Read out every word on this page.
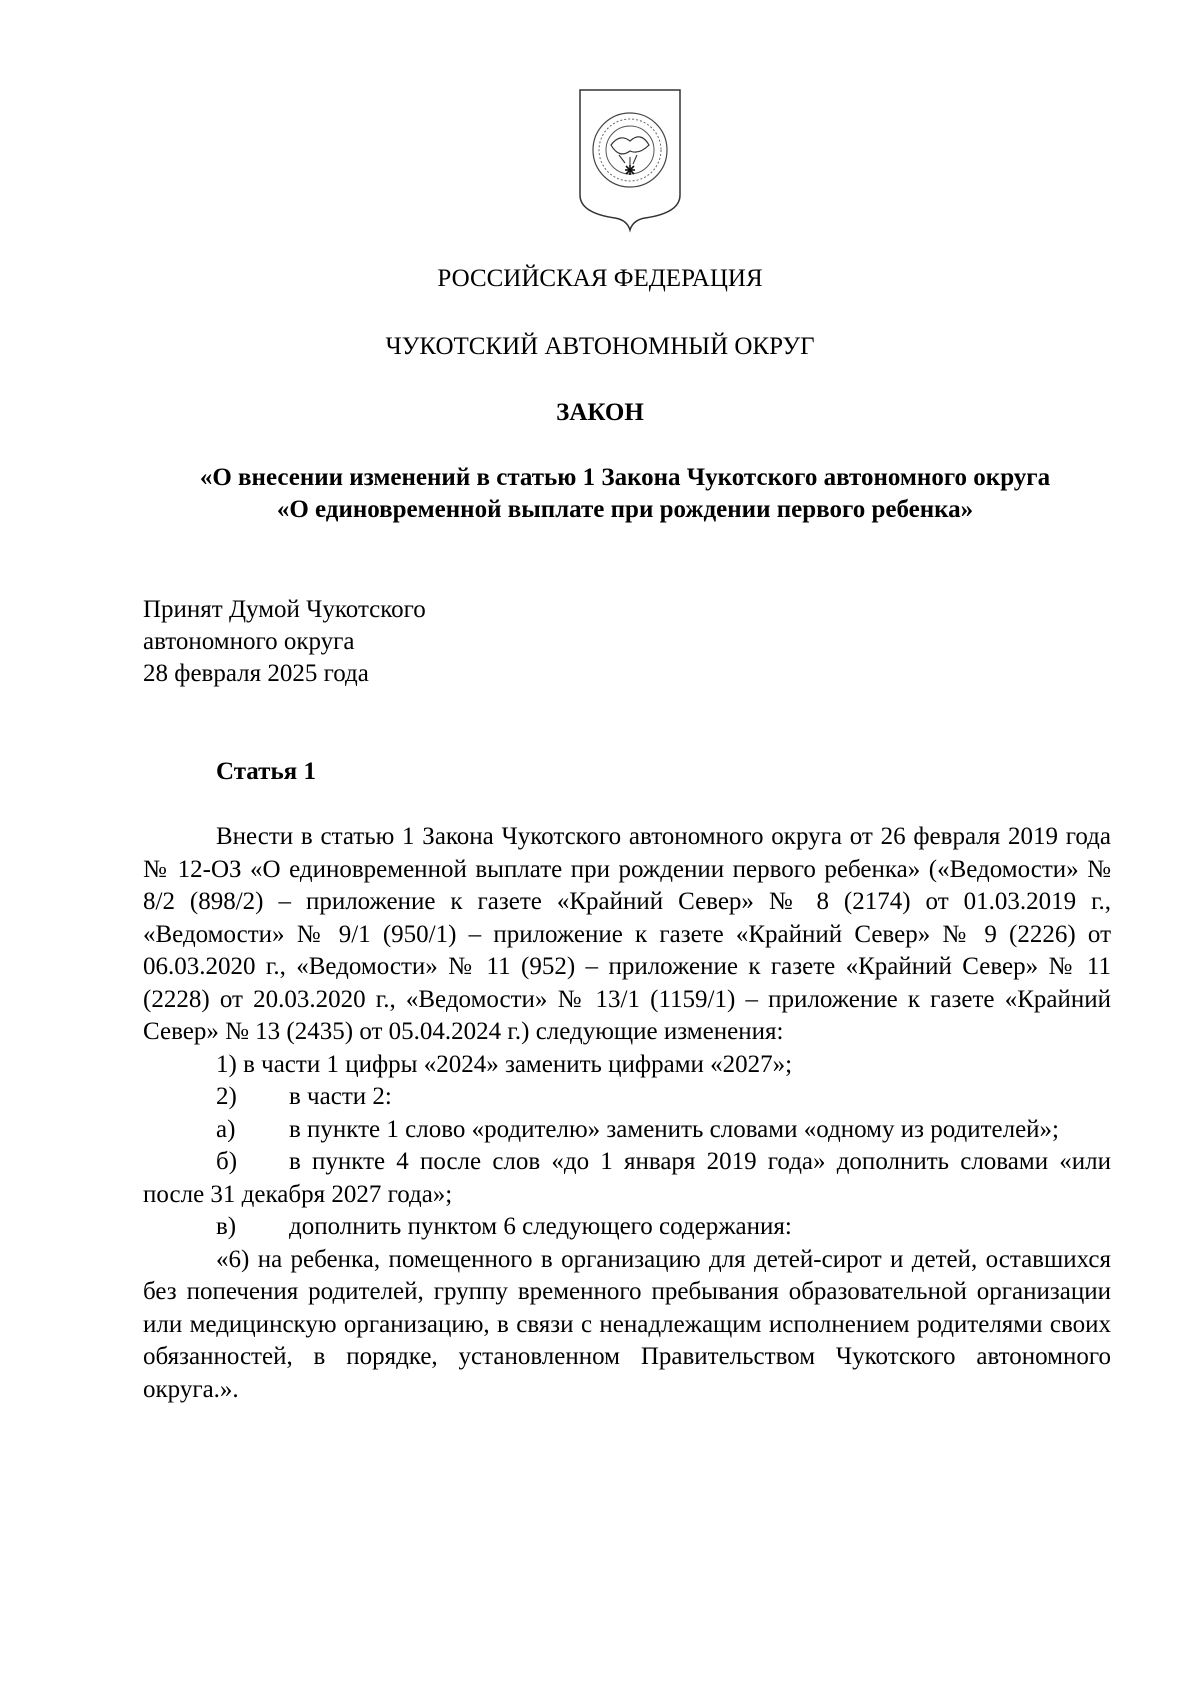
РОССИЙСКАЯ ФЕДЕРАЦИЯ
ЧУКОТСКИЙ АВТОНОМНЫЙ ОКРУГ
ЗАКОН
«О внесении изменений в статью 1 Закона Чукотского автономного округа
«О единовременной выплате при рождении первого ребенка»
Принят Думой Чукотского
автономного округа
28 февраля 2025 года
Статья 1

Внести в статью 1 Закона Чукотского автономного округа от 26 февраля 2019 года № 12-ОЗ «О единовременной выплате при рождении первого ребенка» («Ведомости» № 8/2 (898/2) – приложение к газете «Крайний Север» № 8 (2174) от 01.03.2019 г., «Ведомости» № 9/1 (950/1) – приложение к газете «Крайний Север» № 9 (2226) от 06.03.2020 г., «Ведомости» № 11 (952) – приложение к газете «Крайний Север» № 11 (2228) от 20.03.2020 г., «Ведомости» № 13/1 (1159/1) – приложение к газете «Крайний Север» № 13 (2435) от 05.04.2024 г.) следующие изменения:

1) в части 1 цифры «2024» заменить цифрами «2027»;

2)	в части 2:
а) в пункте 1 слово «родителю» заменить словами «одному из родителей»;
б) в пункте 4 после слов «до 1 января 2019 года» дополнить словами «или после 31 декабря 2027 года»;
в)	дополнить пунктом 6 следующего содержания:

«6) на ребенка, помещенного в организацию для детей-сирот и детей, оставшихся без попечения родителей, группу временного пребывания образовательной организации или медицинскую организацию, в связи с ненадлежащим исполнением родителями своих обязанностей, в порядке, установленном Правительством Чукотского автономного округа.».
